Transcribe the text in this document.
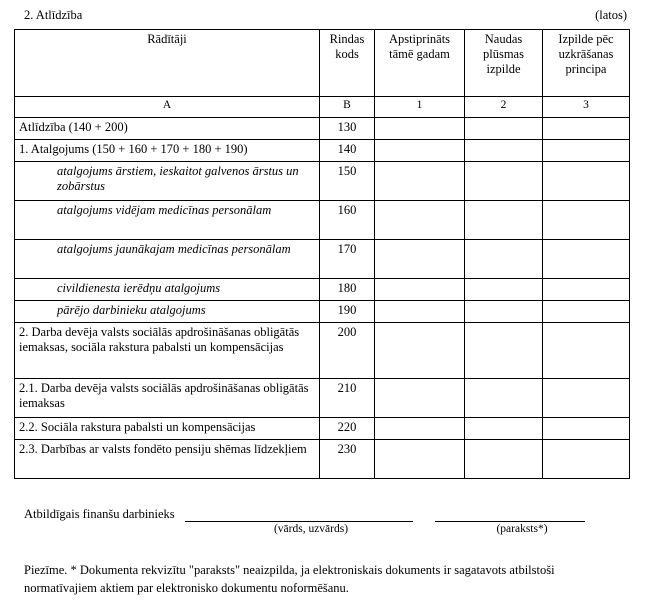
2. Atlīdzība	(latos)
Rādītāji	Rindas kods	Apstiprināts tāmē gadam	Naudas plūsmas izpilde	Izpilde pēc uzkrāšanas principa
A	B	1	2	3
Atlīdzība (140 + 200)	130			
1. Atalgojums (150 + 160 + 170 + 180 + 190)	140			
atalgojums ārstiem, ieskaitot galvenos ārstus un zobārstus	150			
atalgojums vidējam medicīnas personālam	160			
atalgojums jaunākajam medicīnas personālam	170			
civildienesta ierēdņu atalgojums	180			
pārējo darbinieku atalgojums	190			
2. Darba devēja valsts sociālās apdrošināšanas obligātās iemaksas, sociāla rakstura pabalsti un kompensācijas	200			
2.1. Darba devēja valsts sociālās apdrošināšanas obligātās iemaksas	210			
2.2. Sociāla rakstura pabalsti un kompensācijas	220			
2.3. Darbības ar valsts fondēto pensiju shēmas līdzekļiem	230			
Atbildīgais finanšu darbinieks
(vārds, uzvārds)	(paraksts*)
Piezīme. * Dokumenta rekvizītu "paraksts" neaizpilda, ja elektroniskais dokuments ir sagatavots atbilstoši normatīvajiem aktiem par elektronisko dokumentu noformēšanu.
